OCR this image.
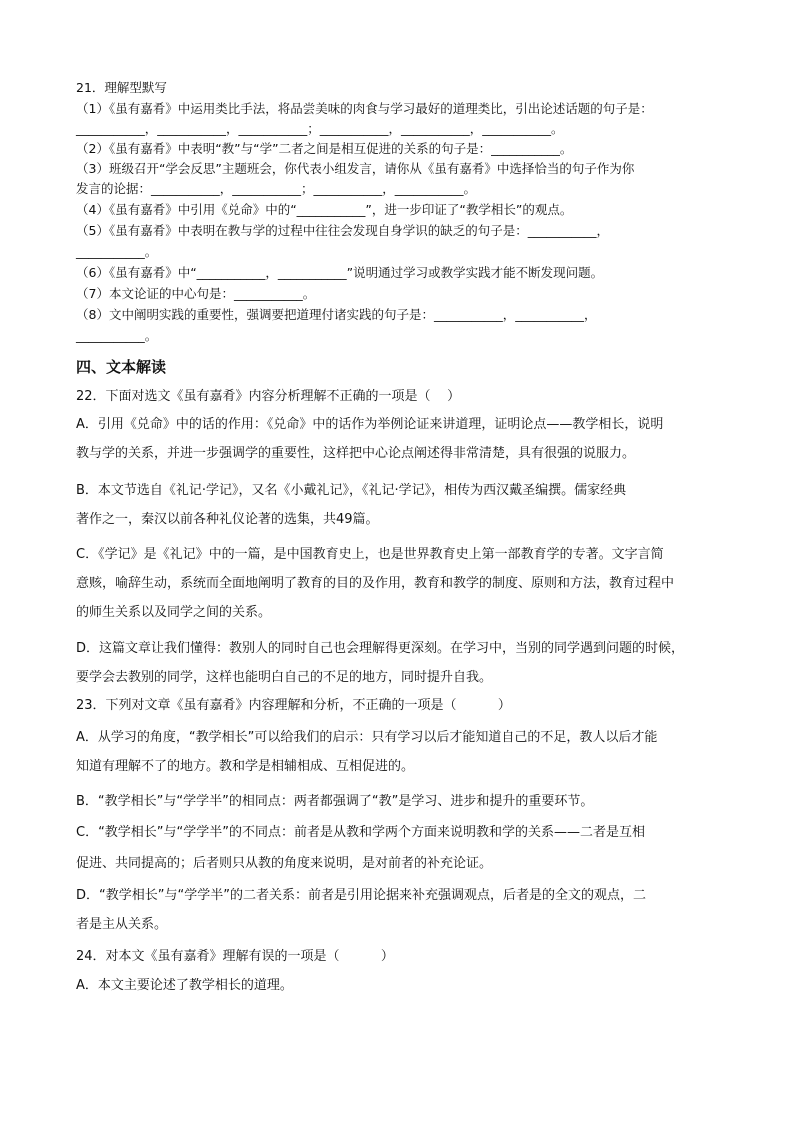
21．理解型默写
（1）《虽有嘉肴》中运用类比手法，将品尝美味的肉食与学习最好的道理类比，引出论述话题的句子是：
___________，___________，___________；___________，___________，___________。
（2）《虽有嘉肴》中表明“教”与“学”二者之间是相互促进的关系的句子是：___________。
（3）班级召开“学会反思”主题班会，你代表小组发言，请你从《虽有嘉肴》中选择恰当的句子作为你
发言的论据：___________，___________；___________，___________。
（4）《虽有嘉肴》中引用《兑命》中的“___________”，进一步印证了“教学相长”的观点。
（5）《虽有嘉肴》中表明在教与学的过程中往往会发现自身学识的缺乏的句子是：___________，
___________。
（6）《虽有嘉肴》中“___________，___________”说明通过学习或教学实践才能不断发现问题。
（7）本文论证的中心句是：___________。
（8）文中阐明实践的重要性，强调要把道理付诸实践的句子是：___________，___________，
___________。
四、文本解读
22．下面对选文《虽有嘉肴》内容分析理解不正确的一项是（    ）
A．引用《兑命》中的话的作用：《兑命》中的话作为举例论证来讲道理，证明论点——教学相长，说明
教与学的关系，并进一步强调学的重要性，这样把中心论点阐述得非常清楚，具有很强的说服力。
B．本文节选自《礼记·学记》，又名《小戴礼记》，《礼记·学记》，相传为西汉戴圣编撰。儒家经典
著作之一，秦汉以前各种礼仪论著的选集，共49篇。
C．《学记》是《礼记》中的一篇，是中国教育史上，也是世界教育史上第一部教育学的专著。文字言简
意赅，喻辞生动，系统而全面地阐明了教育的目的及作用，教育和教学的制度、原则和方法，教育过程中
的师生关系以及同学之间的关系。
D．这篇文章让我们懂得：教别人的同时自己也会理解得更深刻。在学习中，当别的同学遇到问题的时候，
要学会去教别的同学，这样也能明白自己的不足的地方，同时提升自我。
23．下列对文章《虽有嘉肴》内容理解和分析，不正确的一项是（          ）
A．从学习的角度，“教学相长”可以给我们的启示：只有学习以后才能知道自己的不足，教人以后才能
知道有理解不了的地方。教和学是相辅相成、互相促进的。
B．“教学相长”与“学学半”的相同点：两者都强调了“教”是学习、进步和提升的重要环节。
C．“教学相长”与“学学半”的不同点：前者是从教和学两个方面来说明教和学的关系——二者是互相
促进、共同提高的；后者则只从教的角度来说明，是对前者的补充论证。
D．“教学相长”与“学学半”的二者关系：前者是引用论据来补充强调观点，后者是的全文的观点，二
者是主从关系。
24．对本文《虽有嘉肴》理解有误的一项是（          ）
A．本文主要论述了教学相长的道理。
